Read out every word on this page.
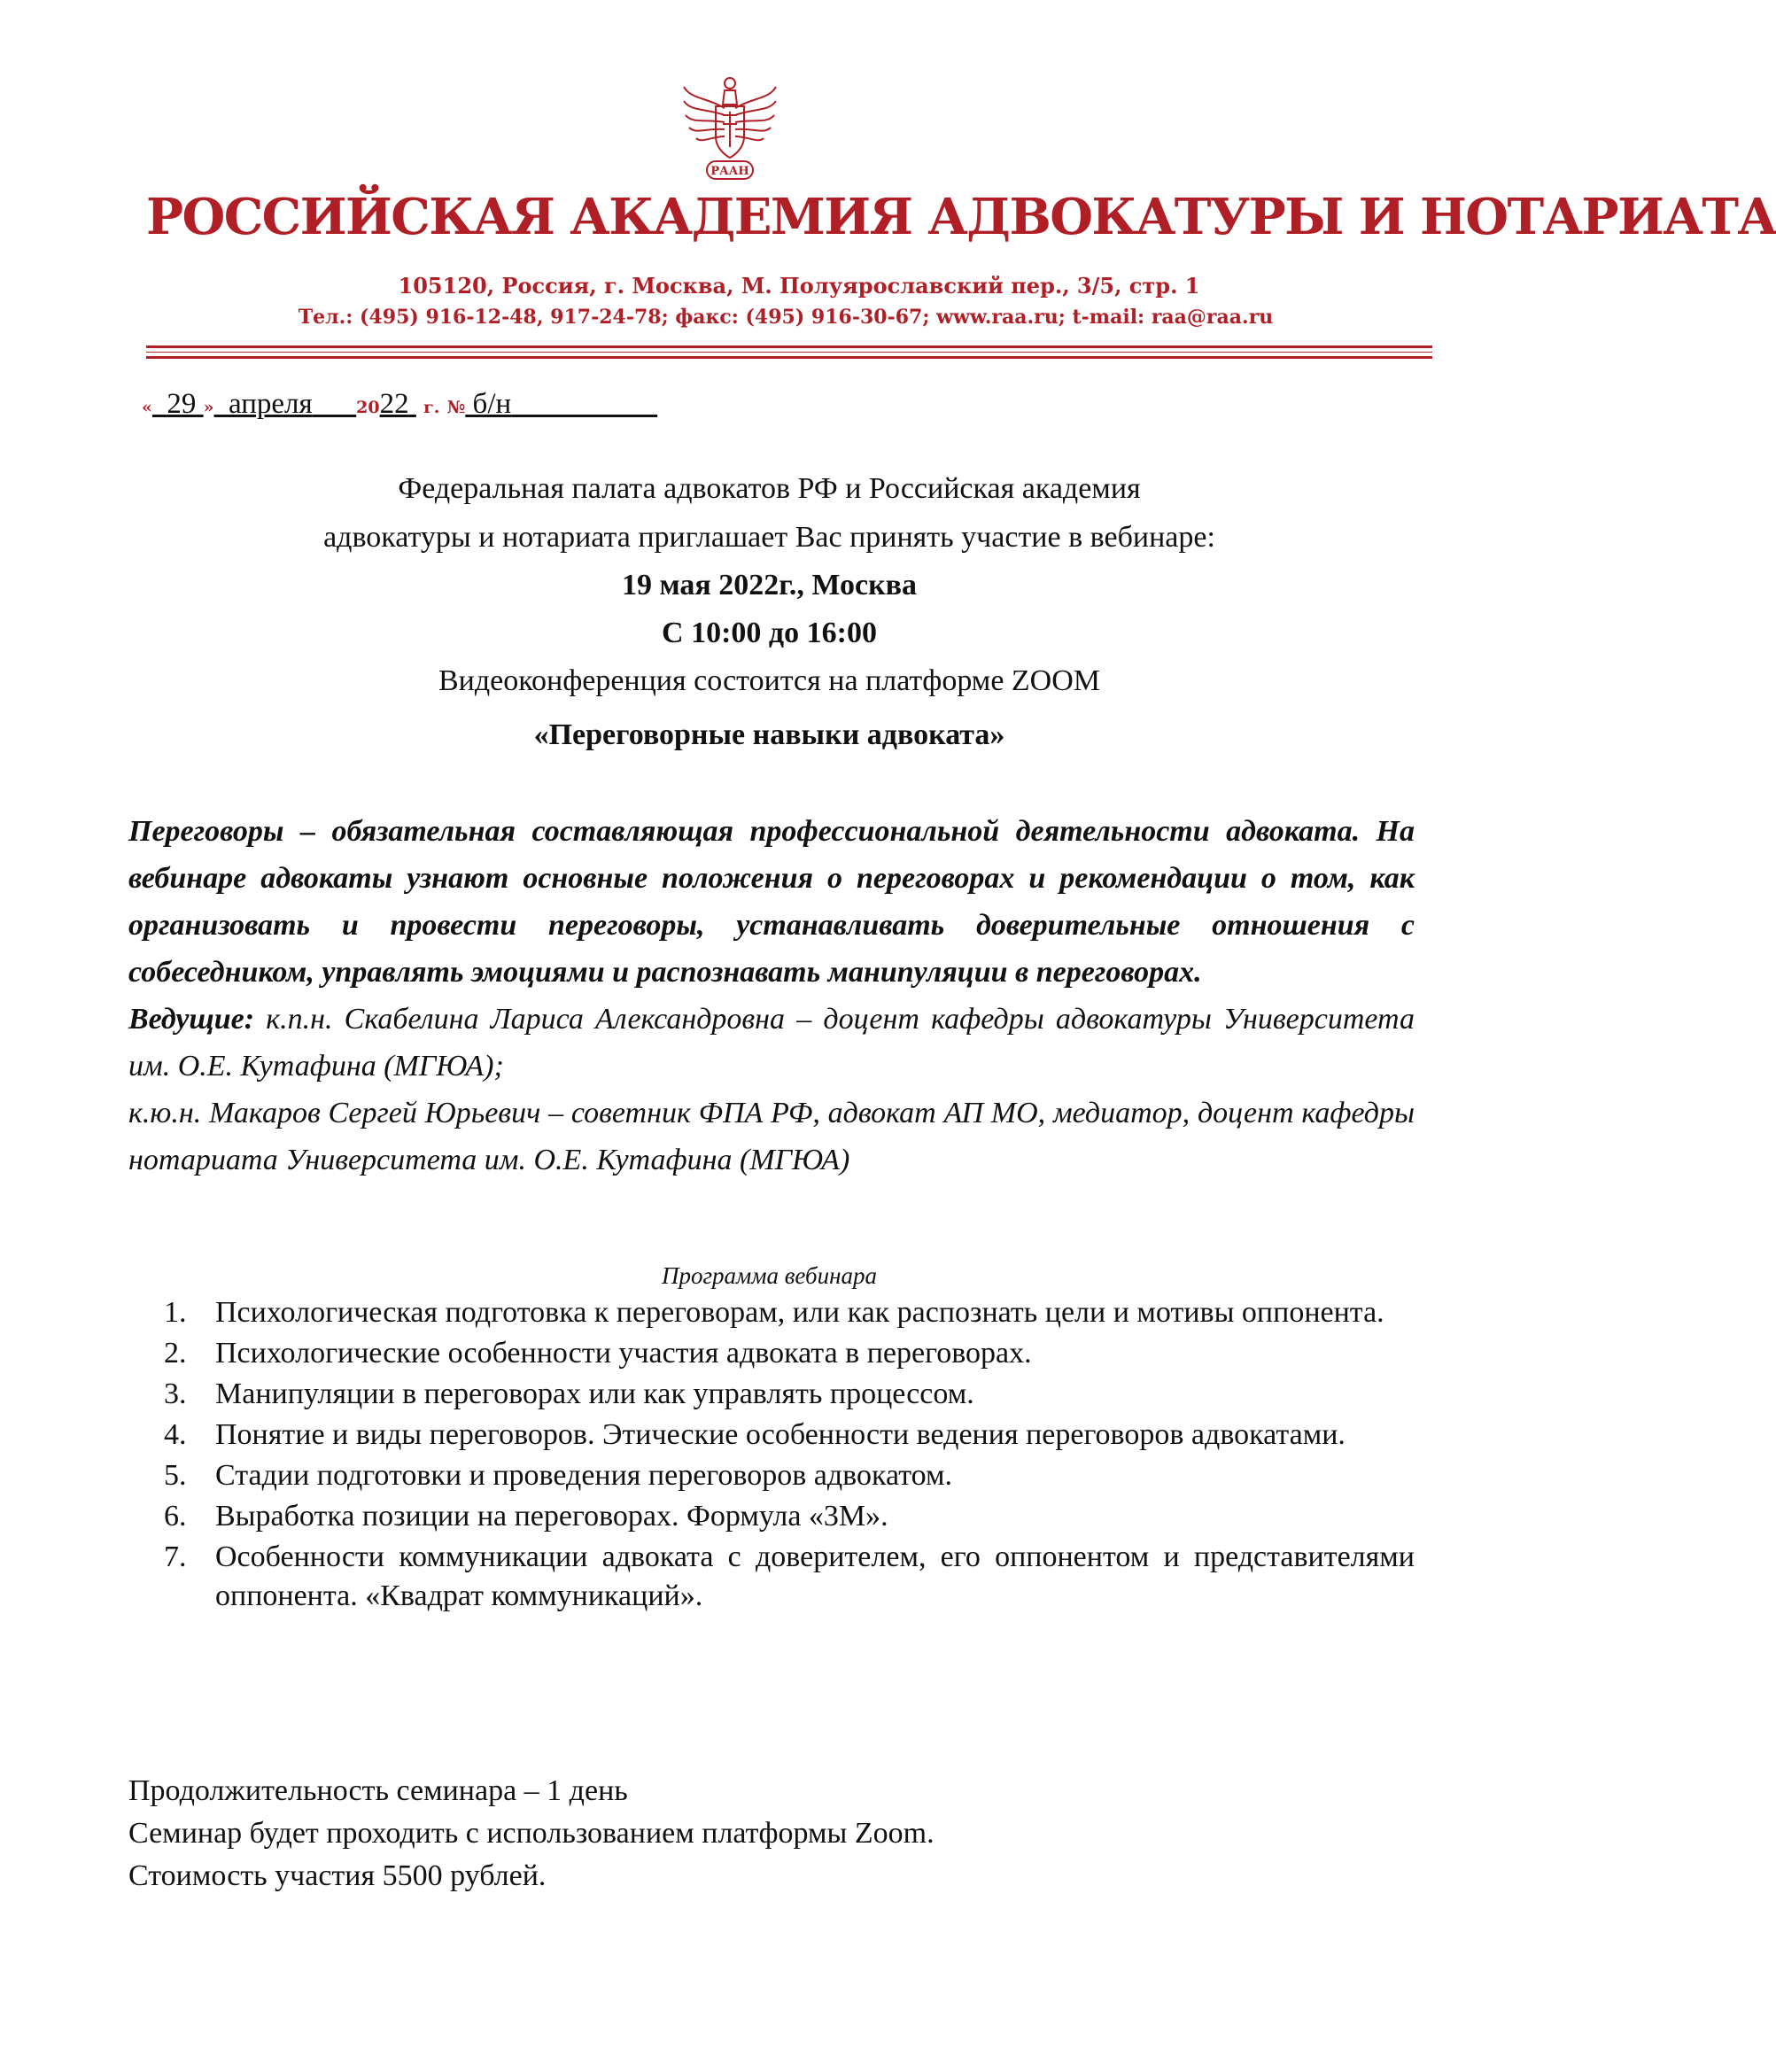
РААН
РОССИЙСКАЯ АКАДЕМИЯ АДВОКАТУРЫ И НОТАРИАТА
105120, Россия, г. Москва, М. Полуярославский пер., 3/5, стр. 1
Тел.: (495) 916-12-48, 917-24-78; факс: (495) 916-30-67; www.raa.ru; t-mail: raa@raa.ru
« 29 » апреля	2022 г. № б/н
Федеральная палата адвокатов РФ и Российская академия
адвокатуры и нотариата приглашает Вас принять участие в вебинаре:
19 мая 2022г., Москва
С 10:00 до 16:00
Видеоконференция состоится на платформе ZOOM
«Переговорные навыки адвоката»

Переговоры – обязательная составляющая профессиональной деятельности адвоката. На вебинаре адвокаты узнают основные положения о переговорах и рекомендации о том, как организовать и провести переговоры, устанавливать доверительные отношения с собеседником, управлять эмоциями и распознавать манипуляции в переговорах.

Ведущие: к.п.н. Скабелина Лариса Александровна – доцент кафедры адвокатуры Университета им. О.Е. Кутафина (МГЮА);

к.ю.н. Макаров Сергей Юрьевич – советник ФПА РФ, адвокат АП МО, медиатор, доцент кафедры нотариата Университета им. О.Е. Кутафина (МГЮА)

Программа вебинара
1. Психологическая подготовка к переговорам, или как распознать цели и мотивы оппонента.
2. Психологические особенности участия адвоката в переговорах.
3. Манипуляции в переговорах или как управлять процессом.
4. Понятие и виды переговоров. Этические особенности ведения переговоров адвокатами.
5. Стадии подготовки и проведения переговоров адвокатом.
6. Выработка позиции на переговорах. Формула «3М».
7. Особенности коммуникации адвоката с доверителем, его оппонентом и представителями оппонента. «Квадрат коммуникаций».

Продолжительность семинара – 1 день

Семинар будет проходить с использованием платформы Zoom.

Стоимость участия 5500 рублей.
